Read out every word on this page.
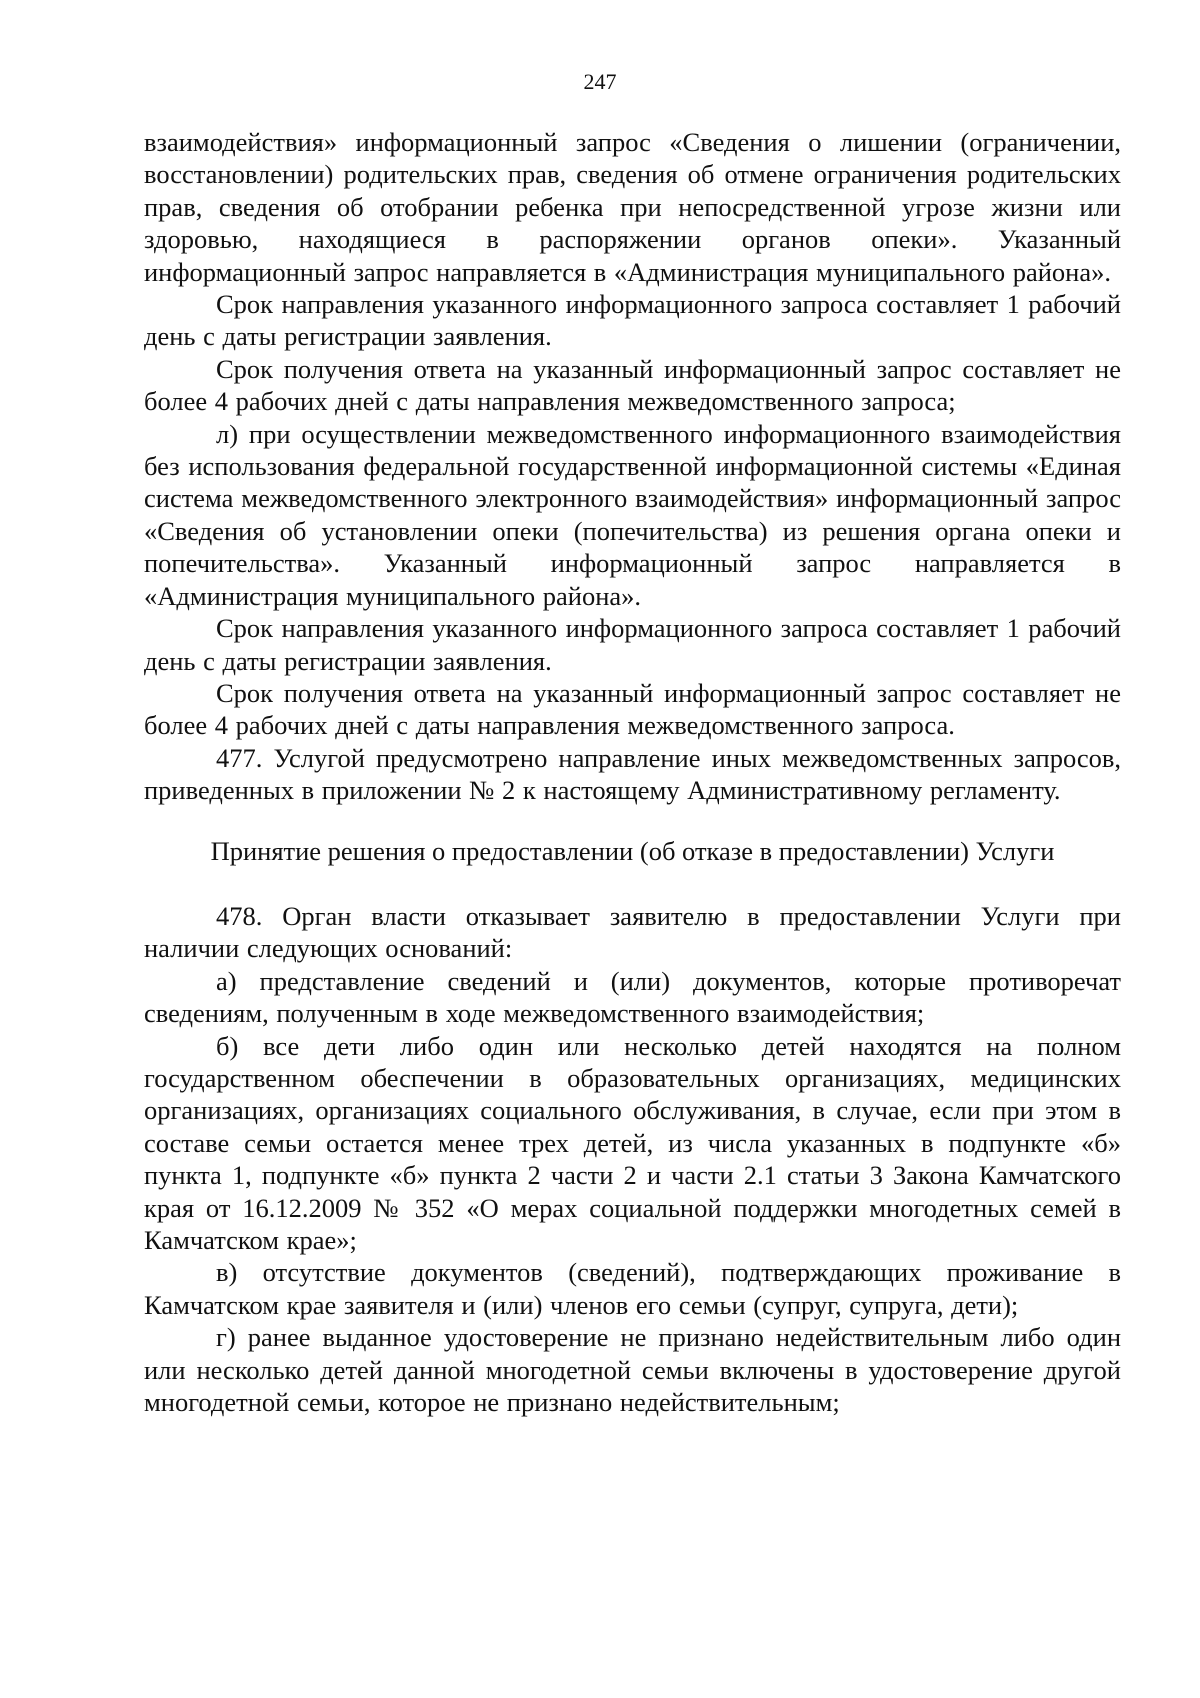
247

взаимодействия» информационный запрос «Сведения о лишении (ограничении, восстановлении) родительских прав, сведения об отмене ограничения родительских прав, сведения об отобрании ребенка при непосредственной угрозе жизни или здоровью, находящиеся в распоряжении органов опеки». Указанный информационный запрос направляется в «Администрация муниципального района».

Срок направления указанного информационного запроса составляет 1 рабочий день с даты регистрации заявления.

Срок получения ответа на указанный информационный запрос составляет не более 4 рабочих дней с даты направления межведомственного запроса;

л) при осуществлении межведомственного информационного взаимодействия без использования федеральной государственной информационной системы «Единая система межведомственного электронного взаимодействия» информационный запрос «Сведения об установлении опеки (попечительства) из решения органа опеки и попечительства». Указанный информационный запрос направляется в «Администрация муниципального района».

Срок направления указанного информационного запроса составляет 1 рабочий день с даты регистрации заявления.

Срок получения ответа на указанный информационный запрос составляет не более 4 рабочих дней с даты направления межведомственного запроса.

477. Услугой предусмотрено направление иных межведомственных запросов, приведенных в приложении № 2 к настоящему Административному регламенту.

Принятие решения о предоставлении (об отказе в предоставлении) Услуги

478. Орган власти отказывает заявителю в предоставлении Услуги при наличии следующих оснований:

а) представление сведений и (или) документов, которые противоречат сведениям, полученным в ходе межведомственного взаимодействия;

б) все дети либо один или несколько детей находятся на полном государственном обеспечении в образовательных организациях, медицинских организациях, организациях социального обслуживания, в случае, если при этом в составе семьи остается менее трех детей, из числа указанных в подпункте «б» пункта 1, подпункте «б» пункта 2 части 2 и части 2.1 статьи 3 Закона Камчатского края от 16.12.2009 № 352 «О мерах социальной поддержки многодетных семей в Камчатском крае»;

в) отсутствие документов (сведений), подтверждающих проживание в Камчатском крае заявителя и (или) членов его семьи (супруг, супруга, дети);

г) ранее выданное удостоверение не признано недействительным либо один или несколько детей данной многодетной семьи включены в удостоверение другой многодетной семьи, которое не признано недействительным;
